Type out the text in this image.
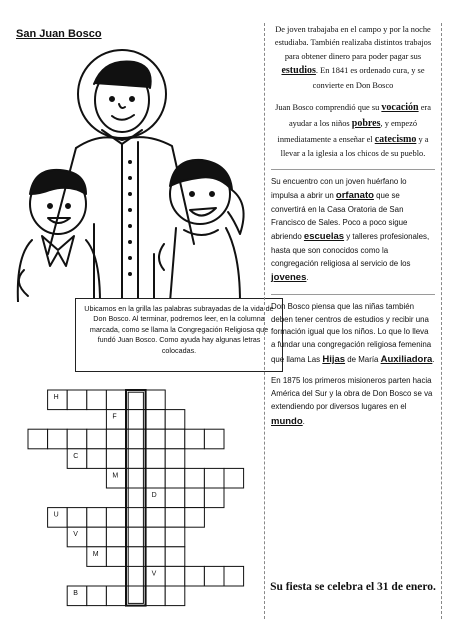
San Juan Bosco
Ubicamos en la grilla las palabras subrayadas de la vida de Don Bosco. Al terminar, podremos leer, en la columna marcada, como se llama la Congregación Religiosa que fundó Juan Bosco. Como ayuda hay algunas letras colocadas.
H
F
C
M
D
U
V
M
V
B
De joven trabajaba en el campo y por la noche estudiaba. También realizaba distintos trabajos para obtener dinero para poder pagar sus estudios. En 1841 es ordenado cura, y se convierte en Don Bosco
Juan Bosco comprendió que su vocación era ayudar a los niños pobres, y empezó inmediatamente a enseñar el catecismo y a llevar a la iglesia a los chicos de su pueblo.
Su encuentro con un joven huérfano lo impulsa a abrir un orfanato que se convertirá en la Casa Oratoria de San Francisco de Sales. Poco a poco sigue abriendo escuelas y talleres profesionales, hasta que son conocidos como la congregación religiosa al servicio de los jovenes.
Don Bosco piensa que las niñas también deben tener centros de estudios y recibir una formación igual que los niños. Lo que lo lleva a fundar una congregación religiosa femenina que llama Las Hijas de María Auxiliadora.
En 1875 los primeros misioneros parten hacia América del Sur y la obra de Don Bosco se va extendiendo por diversos lugares en el mundo.
Su fiesta se celebra el 31 de enero.
